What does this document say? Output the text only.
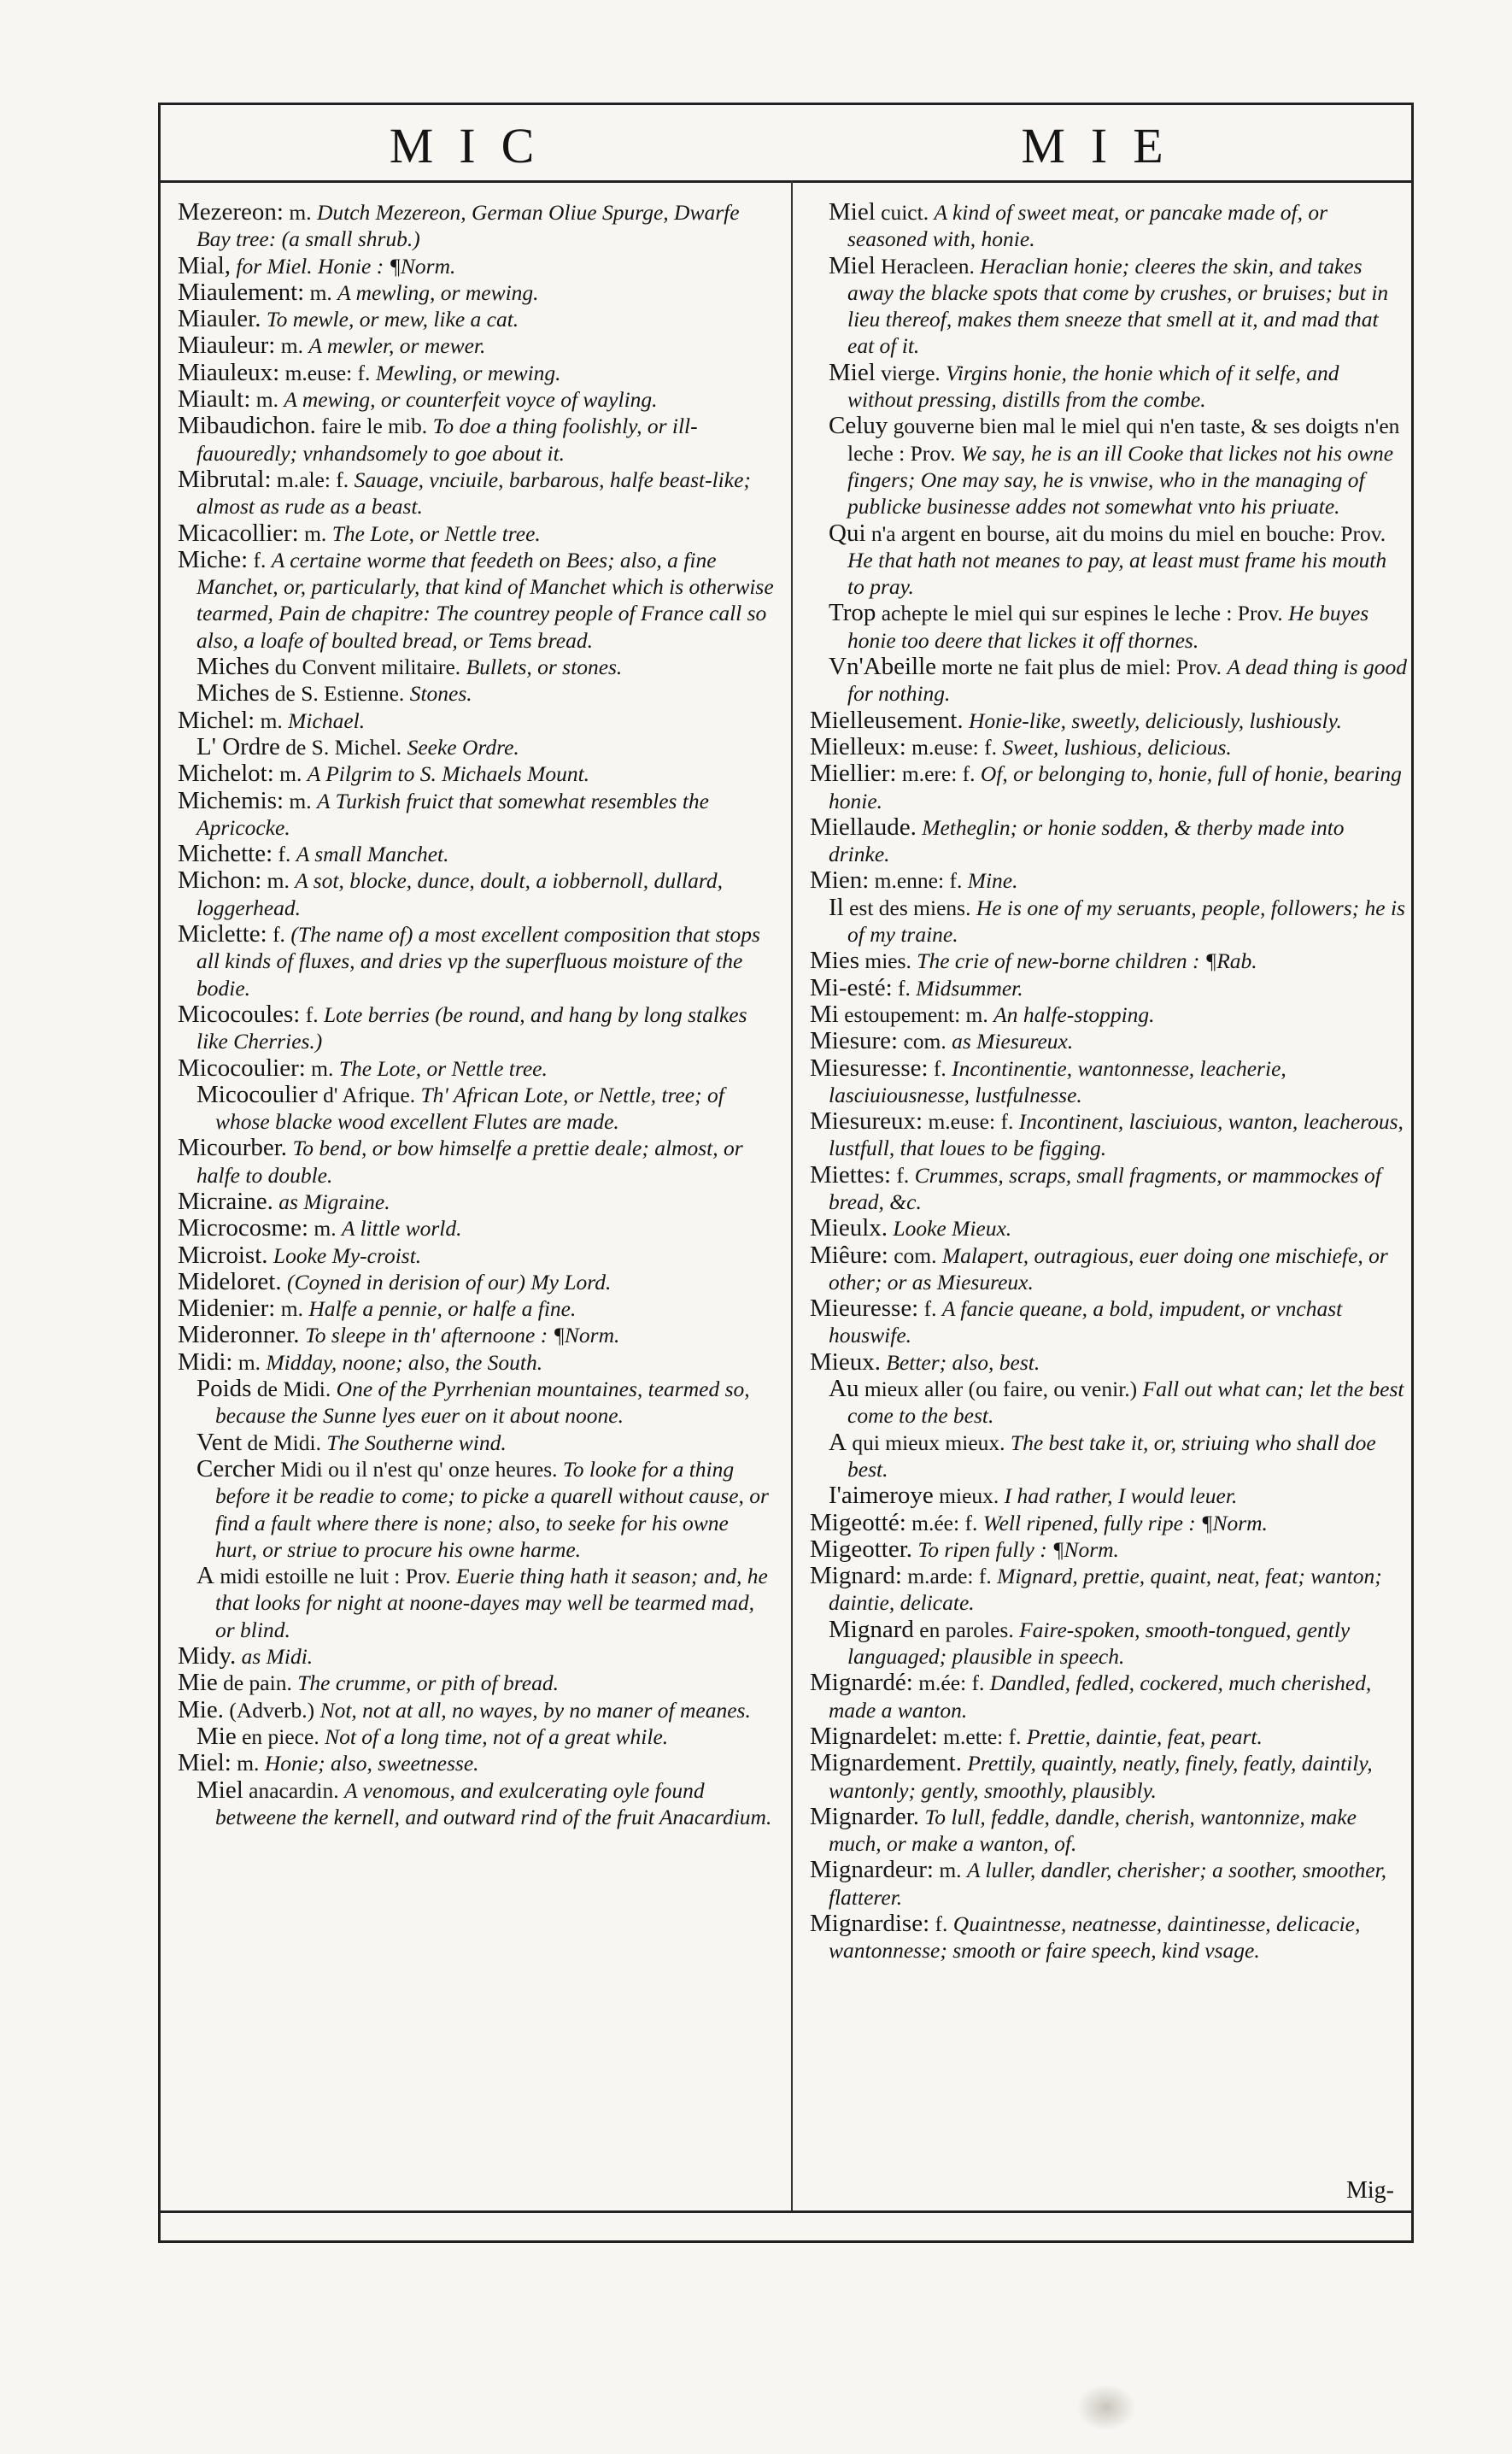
MIC	MIE

Mezereon: m. Dutch Mezereon, German Oliue Spurge, Dwarfe Bay tree: (a small shrub.)

Mial, for Miel. Honie : ¶Norm.

Miaulement: m. A mewling, or mewing.

Miauler. To mewle, or mew, like a cat.

Miauleur: m. A mewler, or mewer.

Miauleux: m.euse: f. Mewling, or mewing.

Miault: m. A mewing, or counterfeit voyce of wayling.

Mibaudichon. faire le mib. To doe a thing foolishly, or ill-fauouredly; vnhandsomely to goe about it.

Mibrutal: m.ale: f. Sauage, vnciuile, barbarous, halfe beast-like; almost as rude as a beast.

Micacollier: m. The Lote, or Nettle tree.

Miche: f. A certaine worme that feedeth on Bees; also, a fine Manchet, or, particularly, that kind of Manchet which is otherwise tearmed, Pain de chapitre: The countrey people of France call so also, a loafe of boulted bread, or Tems bread.

Miches du Convent militaire. Bullets, or stones.

Miches de S. Estienne. Stones.

Michel: m. Michael.

L' Ordre de S. Michel. Seeke Ordre.

Michelot: m. A Pilgrim to S. Michaels Mount.

Michemis: m. A Turkish fruict that somewhat resembles the Apricocke.

Michette: f. A small Manchet.

Michon: m. A sot, blocke, dunce, doult, a iobbernoll, dullard, loggerhead.

Miclette: f. (The name of) a most excellent composition that stops all kinds of fluxes, and dries vp the superfluous moisture of the bodie.

Micocoules: f. Lote berries (be round, and hang by long stalkes like Cherries.)

Micocoulier: m. The Lote, or Nettle tree.

Micocoulier d' Afrique. Th' African Lote, or Nettle, tree; of whose blacke wood excellent Flutes are made.

Micourber. To bend, or bow himselfe a prettie deale; almost, or halfe to double.

Micraine. as Migraine.

Microcosme: m. A little world.

Microist. Looke My-croist.

Mideloret. (Coyned in derision of our) My Lord.

Midenier: m. Halfe a pennie, or halfe a fine.

Mideronner. To sleepe in th' afternoone : ¶Norm.

Midi: m. Midday, noone; also, the South.

Poids de Midi. One of the Pyrrhenian mountaines, tearmed so, because the Sunne lyes euer on it about noone.

Vent de Midi. The Southerne wind.

Cercher Midi ou il n'est qu' onze heures. To looke for a thing before it be readie to come; to picke a quarell without cause, or find a fault where there is none; also, to seeke for his owne hurt, or striue to procure his owne harme.

A midi estoille ne luit : Prov. Euerie thing hath it season; and, he that looks for night at noone-dayes may well be tearmed mad, or blind.

Midy. as Midi.

Mie de pain. The crumme, or pith of bread.

Mie. (Adverb.) Not, not at all, no wayes, by no maner of meanes.

Mie en piece. Not of a long time, not of a great while.

Miel: m. Honie; also, sweetnesse.

Miel anacardin. A venomous, and exulcerating oyle found betweene the kernell, and outward rind of the fruit Anacardium.

Miel cuict. A kind of sweet meat, or pancake made of, or seasoned with, honie.

Miel Heracleen. Heraclian honie; cleeres the skin, and takes away the blacke spots that come by crushes, or bruises; but in lieu thereof, makes them sneeze that smell at it, and mad that eat of it.

Miel vierge. Virgins honie, the honie which of it selfe, and without pressing, distills from the combe.

Celuy gouverne bien mal le miel qui n'en taste, & ses doigts n'en leche : Prov. We say, he is an ill Cooke that lickes not his owne fingers; One may say, he is vnwise, who in the managing of publicke businesse addes not somewhat vnto his priuate.

Qui n'a argent en bourse, ait du moins du miel en bouche: Prov. He that hath not meanes to pay, at least must frame his mouth to pray.

Trop achepte le miel qui sur espines le leche : Prov. He buyes honie too deere that lickes it off thornes.

Vn'Abeille morte ne fait plus de miel: Prov. A dead thing is good for nothing.

Mielleusement. Honie-like, sweetly, deliciously, lushiously.

Mielleux: m.euse: f. Sweet, lushious, delicious.

Miellier: m.ere: f. Of, or belonging to, honie, full of honie, bearing honie.

Miellaude. Metheglin; or honie sodden, & therby made into drinke.

Mien: m.enne: f. Mine.

Il est des miens. He is one of my seruants, people, followers; he is of my traine.

Mies mies. The crie of new-borne children : ¶Rab.

Mi-esté: f. Midsummer.

Mi estoupement: m. An halfe-stopping.

Miesure: com. as Miesureux.

Miesuresse: f. Incontinentie, wantonnesse, leacherie, lasciuiousnesse, lustfulnesse.

Miesureux: m.euse: f. Incontinent, lasciuious, wanton, leacherous, lustfull, that loues to be figging.

Miettes: f. Crummes, scraps, small fragments, or mammockes of bread, &c.

Mieulx. Looke Mieux.

Miêure: com. Malapert, outragious, euer doing one mischiefe, or other; or as Miesureux.

Mieuresse: f. A fancie queane, a bold, impudent, or vnchast houswife.

Mieux. Better; also, best.

Au mieux aller (ou faire, ou venir.) Fall out what can; let the best come to the best.

A qui mieux mieux. The best take it, or, striuing who shall doe best.

I'aimeroye mieux. I had rather, I would leuer.

Migeotté: m.ée: f. Well ripened, fully ripe : ¶Norm.

Migeotter. To ripen fully : ¶Norm.

Mignard: m.arde: f. Mignard, prettie, quaint, neat, feat; wanton; daintie, delicate.

Mignard en paroles. Faire-spoken, smooth-tongued, gently languaged; plausible in speech.

Mignardé: m.ée: f. Dandled, fedled, cockered, much cherished, made a wanton.

Mignardelet: m.ette: f. Prettie, daintie, feat, peart.

Mignardement. Prettily, quaintly, neatly, finely, featly, daintily, wantonly; gently, smoothly, plausibly.

Mignarder. To lull, feddle, dandle, cherish, wantonnize, make much, or make a wanton, of.

Mignardeur: m. A luller, dandler, cherisher; a soother, smoother, flatterer.

Mignardise: f. Quaintnesse, neatnesse, daintinesse, delicacie, wantonnesse; smooth or faire speech, kind vsage.

Mig-
